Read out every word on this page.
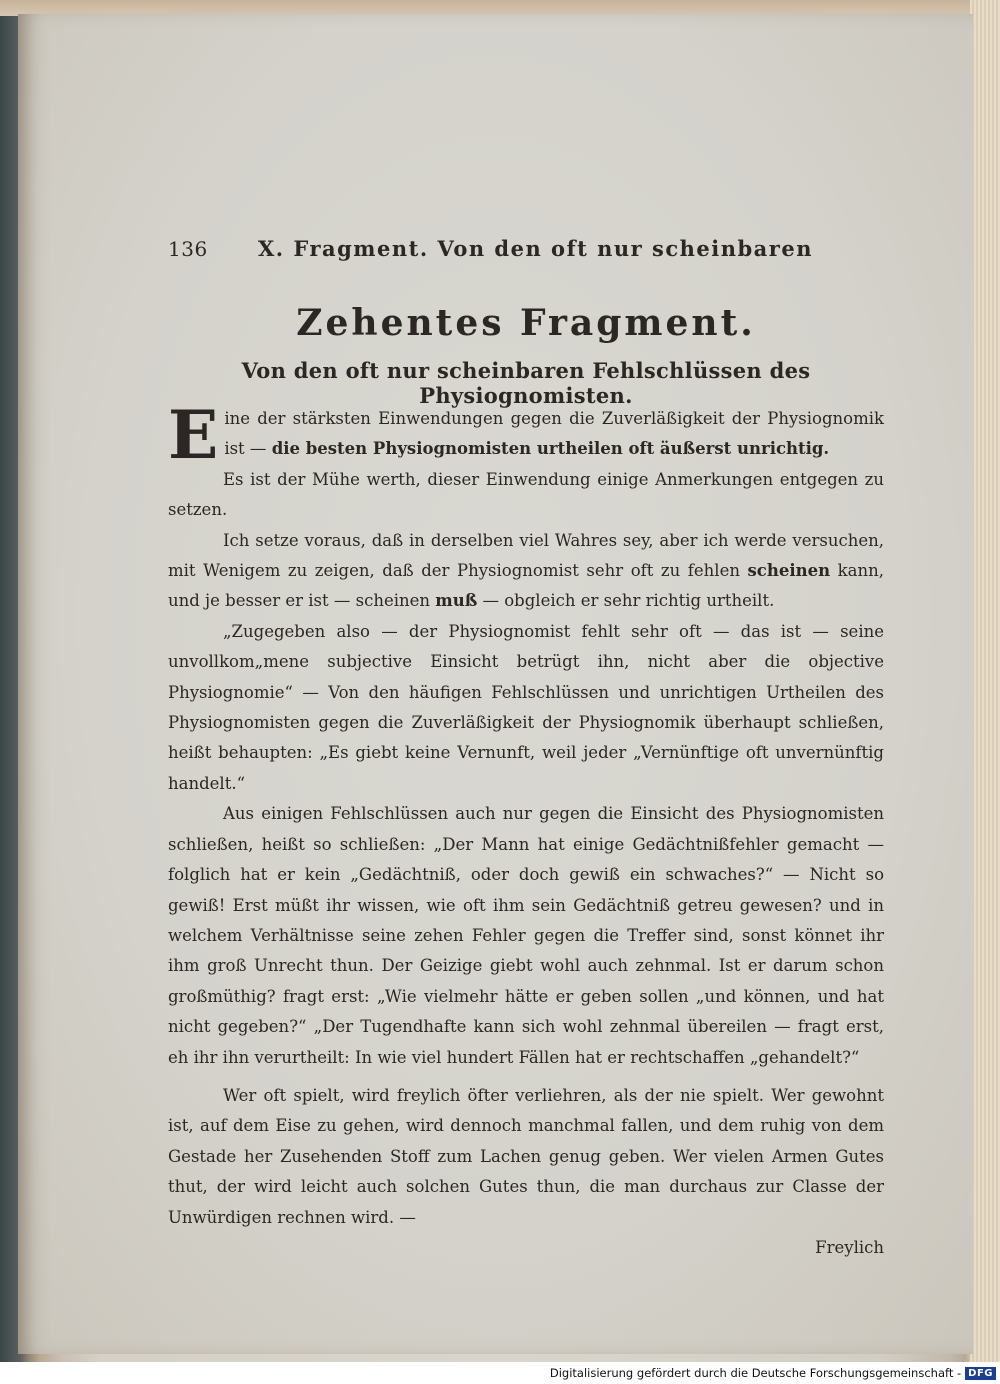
136	X. Fragment. Von den oft nur scheinbaren
Zehentes Fragment.
Von den oft nur scheinbaren Fehlschlüssen des Physiognomisten.

Eine der stärksten Einwendungen gegen die Zuverläßigkeit der Physiognomik ist — die besten Physiognomisten urtheilen oft äußerst unrichtig.

Es ist der Mühe werth, dieser Einwendung einige Anmerkungen entgegen zu setzen.

Ich setze voraus, daß in derselben viel Wahres sey, aber ich werde versuchen, mit Wenigem zu zeigen, daß der Physiognomist sehr oft zu fehlen scheinen kann, und je besser er ist — scheinen muß — obgleich er sehr richtig urtheilt.

„Zugegeben also — der Physiognomist fehlt sehr oft — das ist — seine unvollkom„mene subjective Einsicht betrügt ihn, nicht aber die objective Physiognomie“ — Von den häufigen Fehlschlüssen und unrichtigen Urtheilen des Physiognomisten gegen die Zuverläßigkeit der Physiognomik überhaupt schließen, heißt behaupten: „Es giebt keine Vernunft, weil jeder „Vernünftige oft unvernünftig handelt.“

Aus einigen Fehlschlüssen auch nur gegen die Einsicht des Physiognomisten schließen, heißt so schließen: „Der Mann hat einige Gedächtnißfehler gemacht — folglich hat er kein „Gedächtniß, oder doch gewiß ein schwaches?“ — Nicht so gewiß! Erst müßt ihr wissen, wie oft ihm sein Gedächtniß getreu gewesen? und in welchem Verhältnisse seine zehen Fehler gegen die Treffer sind, sonst könnet ihr ihm groß Unrecht thun. Der Geizige giebt wohl auch zehnmal. Ist er darum schon großmüthig? fragt erst: „Wie vielmehr hätte er geben sollen „und können, und hat nicht gegeben?“ „Der Tugendhafte kann sich wohl zehnmal übereilen — fragt erst, eh ihr ihn verurtheilt: In wie viel hundert Fällen hat er rechtschaffen „gehandelt?“

Wer oft spielt, wird freylich öfter verliehren, als der nie spielt. Wer gewohnt ist, auf dem Eise zu gehen, wird dennoch manchmal fallen, und dem ruhig von dem Gestade her Zusehenden Stoff zum Lachen genug geben. Wer vielen Armen Gutes thut, der wird leicht auch solchen Gutes thun, die man durchaus zur Classe der Unwürdigen rechnen wird. —

Freylich

Digitalisierung gefördert durch die Deutsche Forschungsgemeinschaft - DFG
